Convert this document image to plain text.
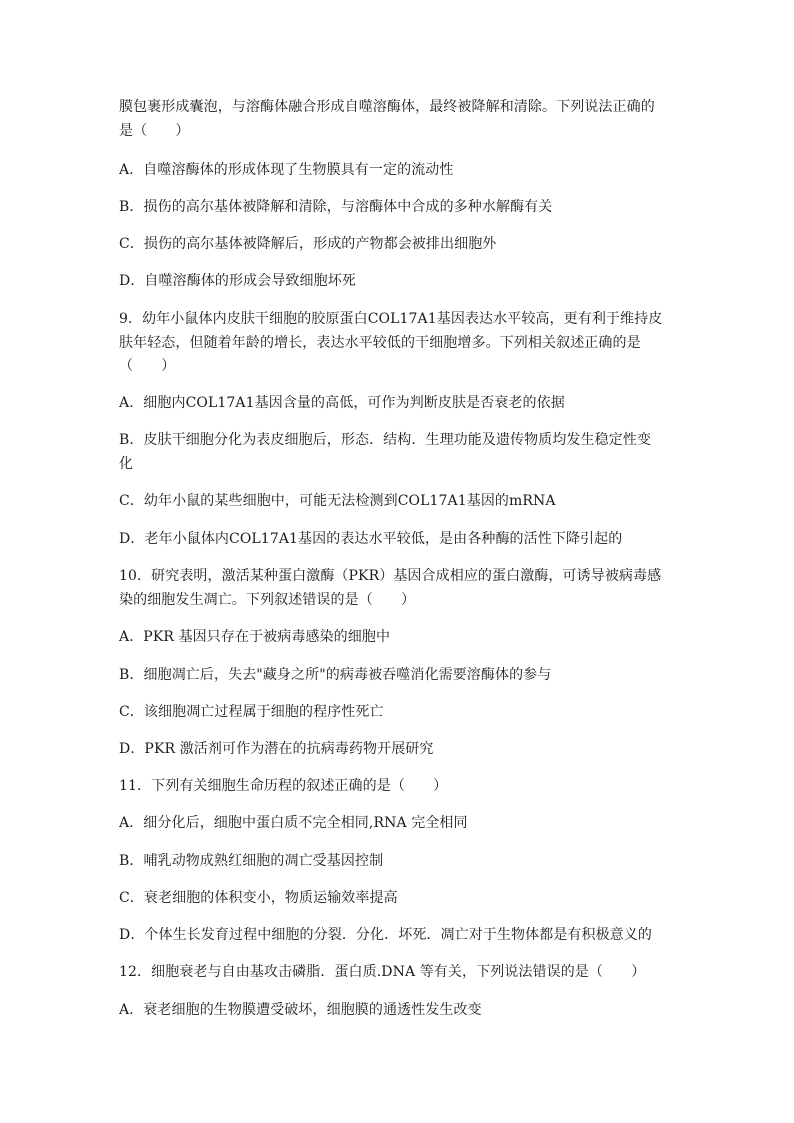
膜包裹形成囊泡，与溶酶体融合形成自噬溶酶体，最终被降解和清除。下列说法正确的
是（　　）
A．自噬溶酶体的形成体现了生物膜具有一定的流动性
B．损伤的高尔基体被降解和清除，与溶酶体中合成的多种水解酶有关
C．损伤的高尔基体被降解后，形成的产物都会被排出细胞外
D．自噬溶酶体的形成会导致细胞坏死
9．幼年小鼠体内皮肤干细胞的胶原蛋白COL17A1基因表达水平较高，更有利于维持皮
肤年轻态，但随着年龄的增长，表达水平较低的干细胞增多。下列相关叙述正确的是
（　　）
A．细胞内COL17A1基因含量的高低，可作为判断皮肤是否衰老的依据
B．皮肤干细胞分化为表皮细胞后，形态．结构．生理功能及遗传物质均发生稳定性变
化
C．幼年小鼠的某些细胞中，可能无法检测到COL17A1基因的mRNA
D．老年小鼠体内COL17A1基因的表达水平较低，是由各种酶的活性下降引起的
10．研究表明，激活某种蛋白激酶（PKR）基因合成相应的蛋白激酶，可诱导被病毒感
染的细胞发生凋亡。下列叙述错误的是（　　）
A．PKR 基因只存在于被病毒感染的细胞中
B．细胞凋亡后，失去"藏身之所"的病毒被吞噬消化需要溶酶体的参与
C．该细胞凋亡过程属于细胞的程序性死亡
D．PKR 激活剂可作为潜在的抗病毒药物开展研究
11．下列有关细胞生命历程的叙述正确的是（　　）
A．细分化后，细胞中蛋白质不完全相同,RNA 完全相同
B．哺乳动物成熟红细胞的凋亡受基因控制
C．衰老细胞的体积变小，物质运输效率提高
D．个体生长发育过程中细胞的分裂．分化．坏死．凋亡对于生物体都是有积极意义的
12．细胞衰老与自由基攻击磷脂．蛋白质.DNA 等有关，下列说法错误的是（　　）
A．衰老细胞的生物膜遭受破坏，细胞膜的通透性发生改变
